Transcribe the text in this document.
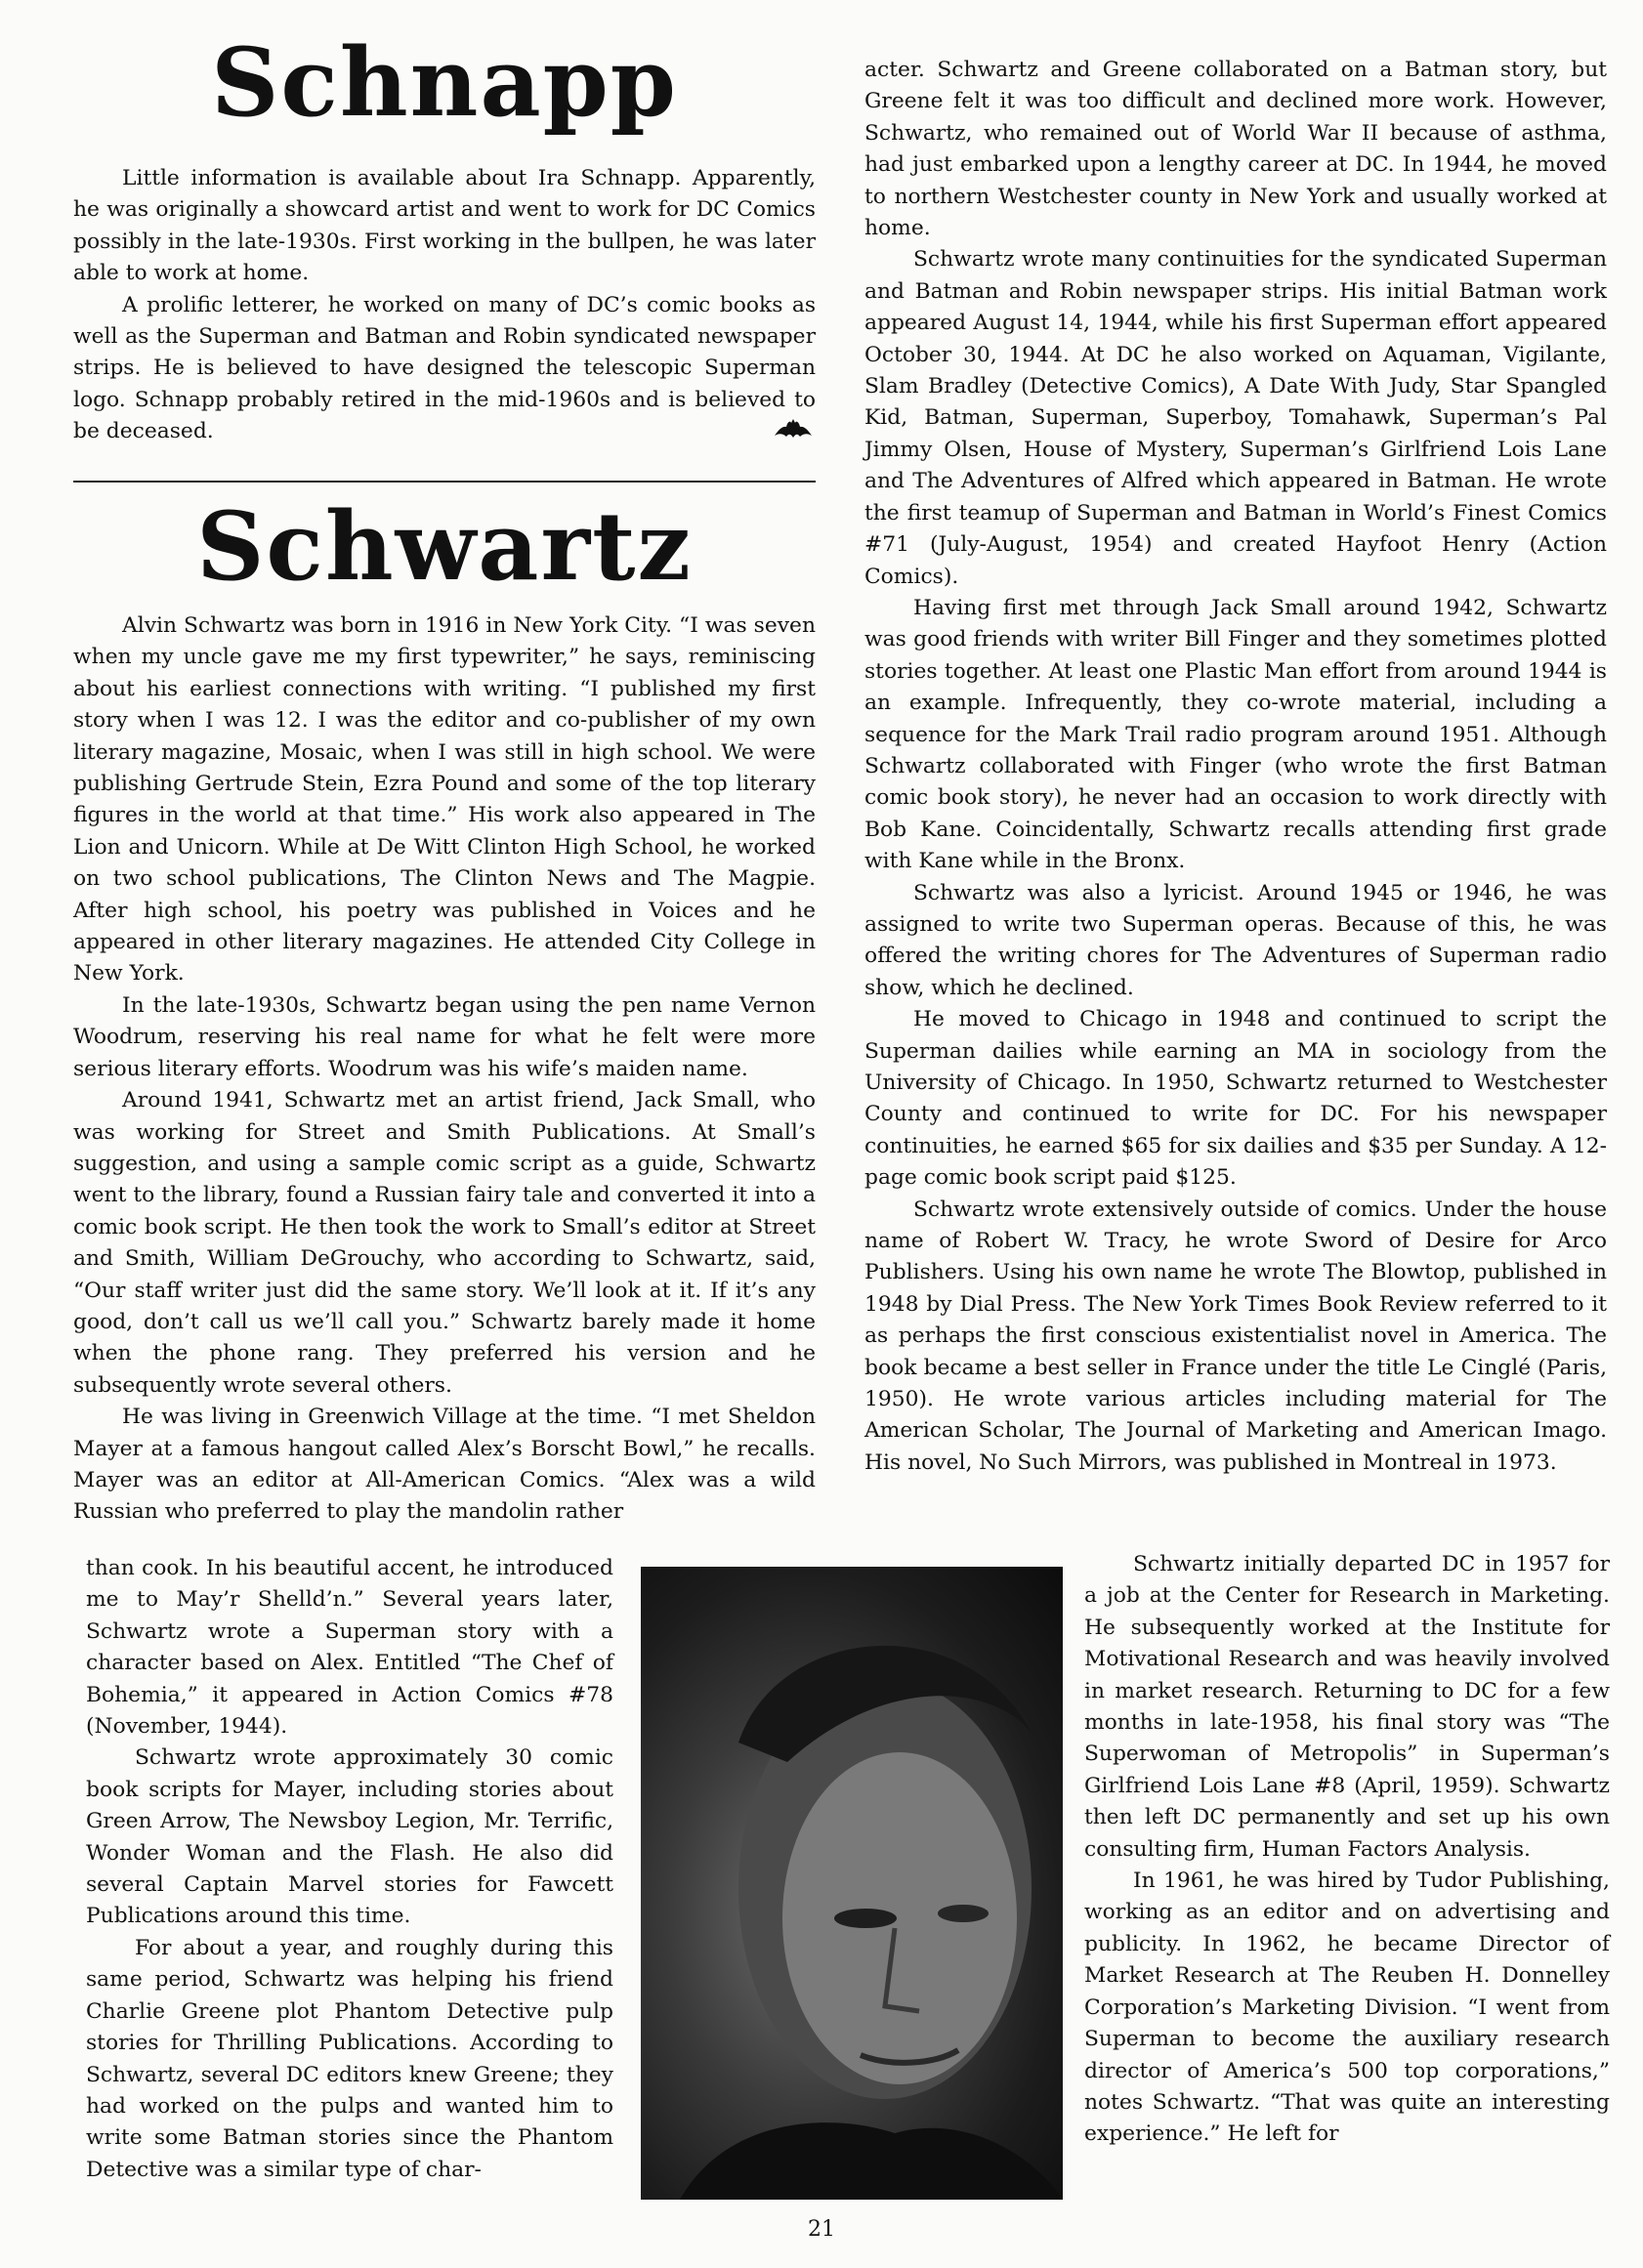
Schnapp

Little information is available about Ira Schnapp. Apparently, he was originally a showcard artist and went to work for DC Comics possibly in the late-1930s. First working in the bullpen, he was later able to work at home.

A prolific letterer, he worked on many of DC’s comic books as well as the Superman and Batman and Robin syndicated newspaper strips. He is believed to have designed the telescopic Superman logo. Schnapp probably retired in the mid-1960s and is believed to be deceased.

Schwartz

Alvin Schwartz was born in 1916 in New York City. “I was seven when my uncle gave me my first typewriter,” he says, reminiscing about his earliest connections with writing. “I published my first story when I was 12. I was the editor and co-publisher of my own literary magazine, Mosaic, when I was still in high school. We were publishing Gertrude Stein, Ezra Pound and some of the top literary figures in the world at that time.” His work also appeared in The Lion and Unicorn. While at De Witt Clinton High School, he worked on two school publications, The Clinton News and The Magpie. After high school, his poetry was published in Voices and he appeared in other literary magazines. He attended City College in New York.

In the late-1930s, Schwartz began using the pen name Vernon Woodrum, reserving his real name for what he felt were more serious literary efforts. Woodrum was his wife’s maiden name.

Around 1941, Schwartz met an artist friend, Jack Small, who was working for Street and Smith Publications. At Small’s suggestion, and using a sample comic script as a guide, Schwartz went to the library, found a Russian fairy tale and converted it into a comic book script. He then took the work to Small’s editor at Street and Smith, William DeGrouchy, who according to Schwartz, said, “Our staff writer just did the same story. We’ll look at it. If it’s any good, don’t call us we’ll call you.” Schwartz barely made it home when the phone rang. They preferred his version and he subsequently wrote several others.

He was living in Greenwich Village at the time. “I met Sheldon Mayer at a famous hangout called Alex’s Borscht Bowl,” he recalls. Mayer was an editor at All-American Comics. “Alex was a wild Russian who preferred to play the mandolin rather

than cook. In his beautiful accent, he introduced me to May’r Shelld’n.” Several years later, Schwartz wrote a Superman story with a character based on Alex. Entitled “The Chef of Bohemia,” it appeared in Action Comics #78 (November, 1944).

Schwartz wrote approximately 30 comic book scripts for Mayer, including stories about Green Arrow, The Newsboy Legion, Mr. Terrific, Wonder Woman and the Flash. He also did several Captain Marvel stories for Fawcett Publications around this time.

For about a year, and roughly during this same period, Schwartz was helping his friend Charlie Greene plot Phantom Detective pulp stories for Thrilling Publications. According to Schwartz, several DC editors knew Greene; they had worked on the pulps and wanted him to write some Batman stories since the Phantom Detective was a similar type of char-

acter. Schwartz and Greene collaborated on a Batman story, but Greene felt it was too difficult and declined more work. However, Schwartz, who remained out of World War II because of asthma, had just embarked upon a lengthy career at DC. In 1944, he moved to northern Westchester county in New York and usually worked at home.

Schwartz wrote many continuities for the syndicated Superman and Batman and Robin newspaper strips. His initial Batman work appeared August 14, 1944, while his first Superman effort appeared October 30, 1944. At DC he also worked on Aquaman, Vigilante, Slam Bradley (Detective Comics), A Date With Judy, Star Spangled Kid, Batman, Superman, Superboy, Tomahawk, Superman’s Pal Jimmy Olsen, House of Mystery, Superman’s Girlfriend Lois Lane and The Adventures of Alfred which appeared in Batman. He wrote the first teamup of Superman and Batman in World’s Finest Comics #71 (July-August, 1954) and created Hayfoot Henry (Action Comics).

Having first met through Jack Small around 1942, Schwartz was good friends with writer Bill Finger and they sometimes plotted stories together. At least one Plastic Man effort from around 1944 is an example. Infrequently, they co-wrote material, including a sequence for the Mark Trail radio program around 1951. Although Schwartz collaborated with Finger (who wrote the first Batman comic book story), he never had an occasion to work directly with Bob Kane. Coincidentally, Schwartz recalls attending first grade with Kane while in the Bronx.

Schwartz was also a lyricist. Around 1945 or 1946, he was assigned to write two Superman operas. Because of this, he was offered the writing chores for The Adventures of Superman radio show, which he declined.

He moved to Chicago in 1948 and continued to script the Superman dailies while earning an MA in sociology from the University of Chicago. In 1950, Schwartz returned to Westchester County and continued to write for DC. For his newspaper continuities, he earned $65 for six dailies and $35 per Sunday. A 12-page comic book script paid $125.

Schwartz wrote extensively outside of comics. Under the house name of Robert W. Tracy, he wrote Sword of Desire for Arco Publishers. Using his own name he wrote The Blowtop, published in 1948 by Dial Press. The New York Times Book Review referred to it as perhaps the first conscious existentialist novel in America. The book became a best seller in France under the title Le Cinglé (Paris, 1950). He wrote various articles including material for The American Scholar, The Journal of Marketing and American Imago. His novel, No Such Mirrors, was published in Montreal in 1973.

Schwartz initially departed DC in 1957 for a job at the Center for Research in Marketing. He subsequently worked at the Institute for Motivational Research and was heavily involved in market research. Returning to DC for a few months in late-1958, his final story was “The Superwoman of Metropolis” in Superman’s Girlfriend Lois Lane #8 (April, 1959). Schwartz then left DC permanently and set up his own consulting firm, Human Factors Analysis.

In 1961, he was hired by Tudor Publishing, working as an editor and on advertising and publicity. In 1962, he became Director of Market Research at The Reuben H. Donnelley Corporation’s Marketing Division. “I went from Superman to become the auxiliary research director of America’s 500 top corporations,” notes Schwartz. “That was quite an interesting experience.” He left for

21
